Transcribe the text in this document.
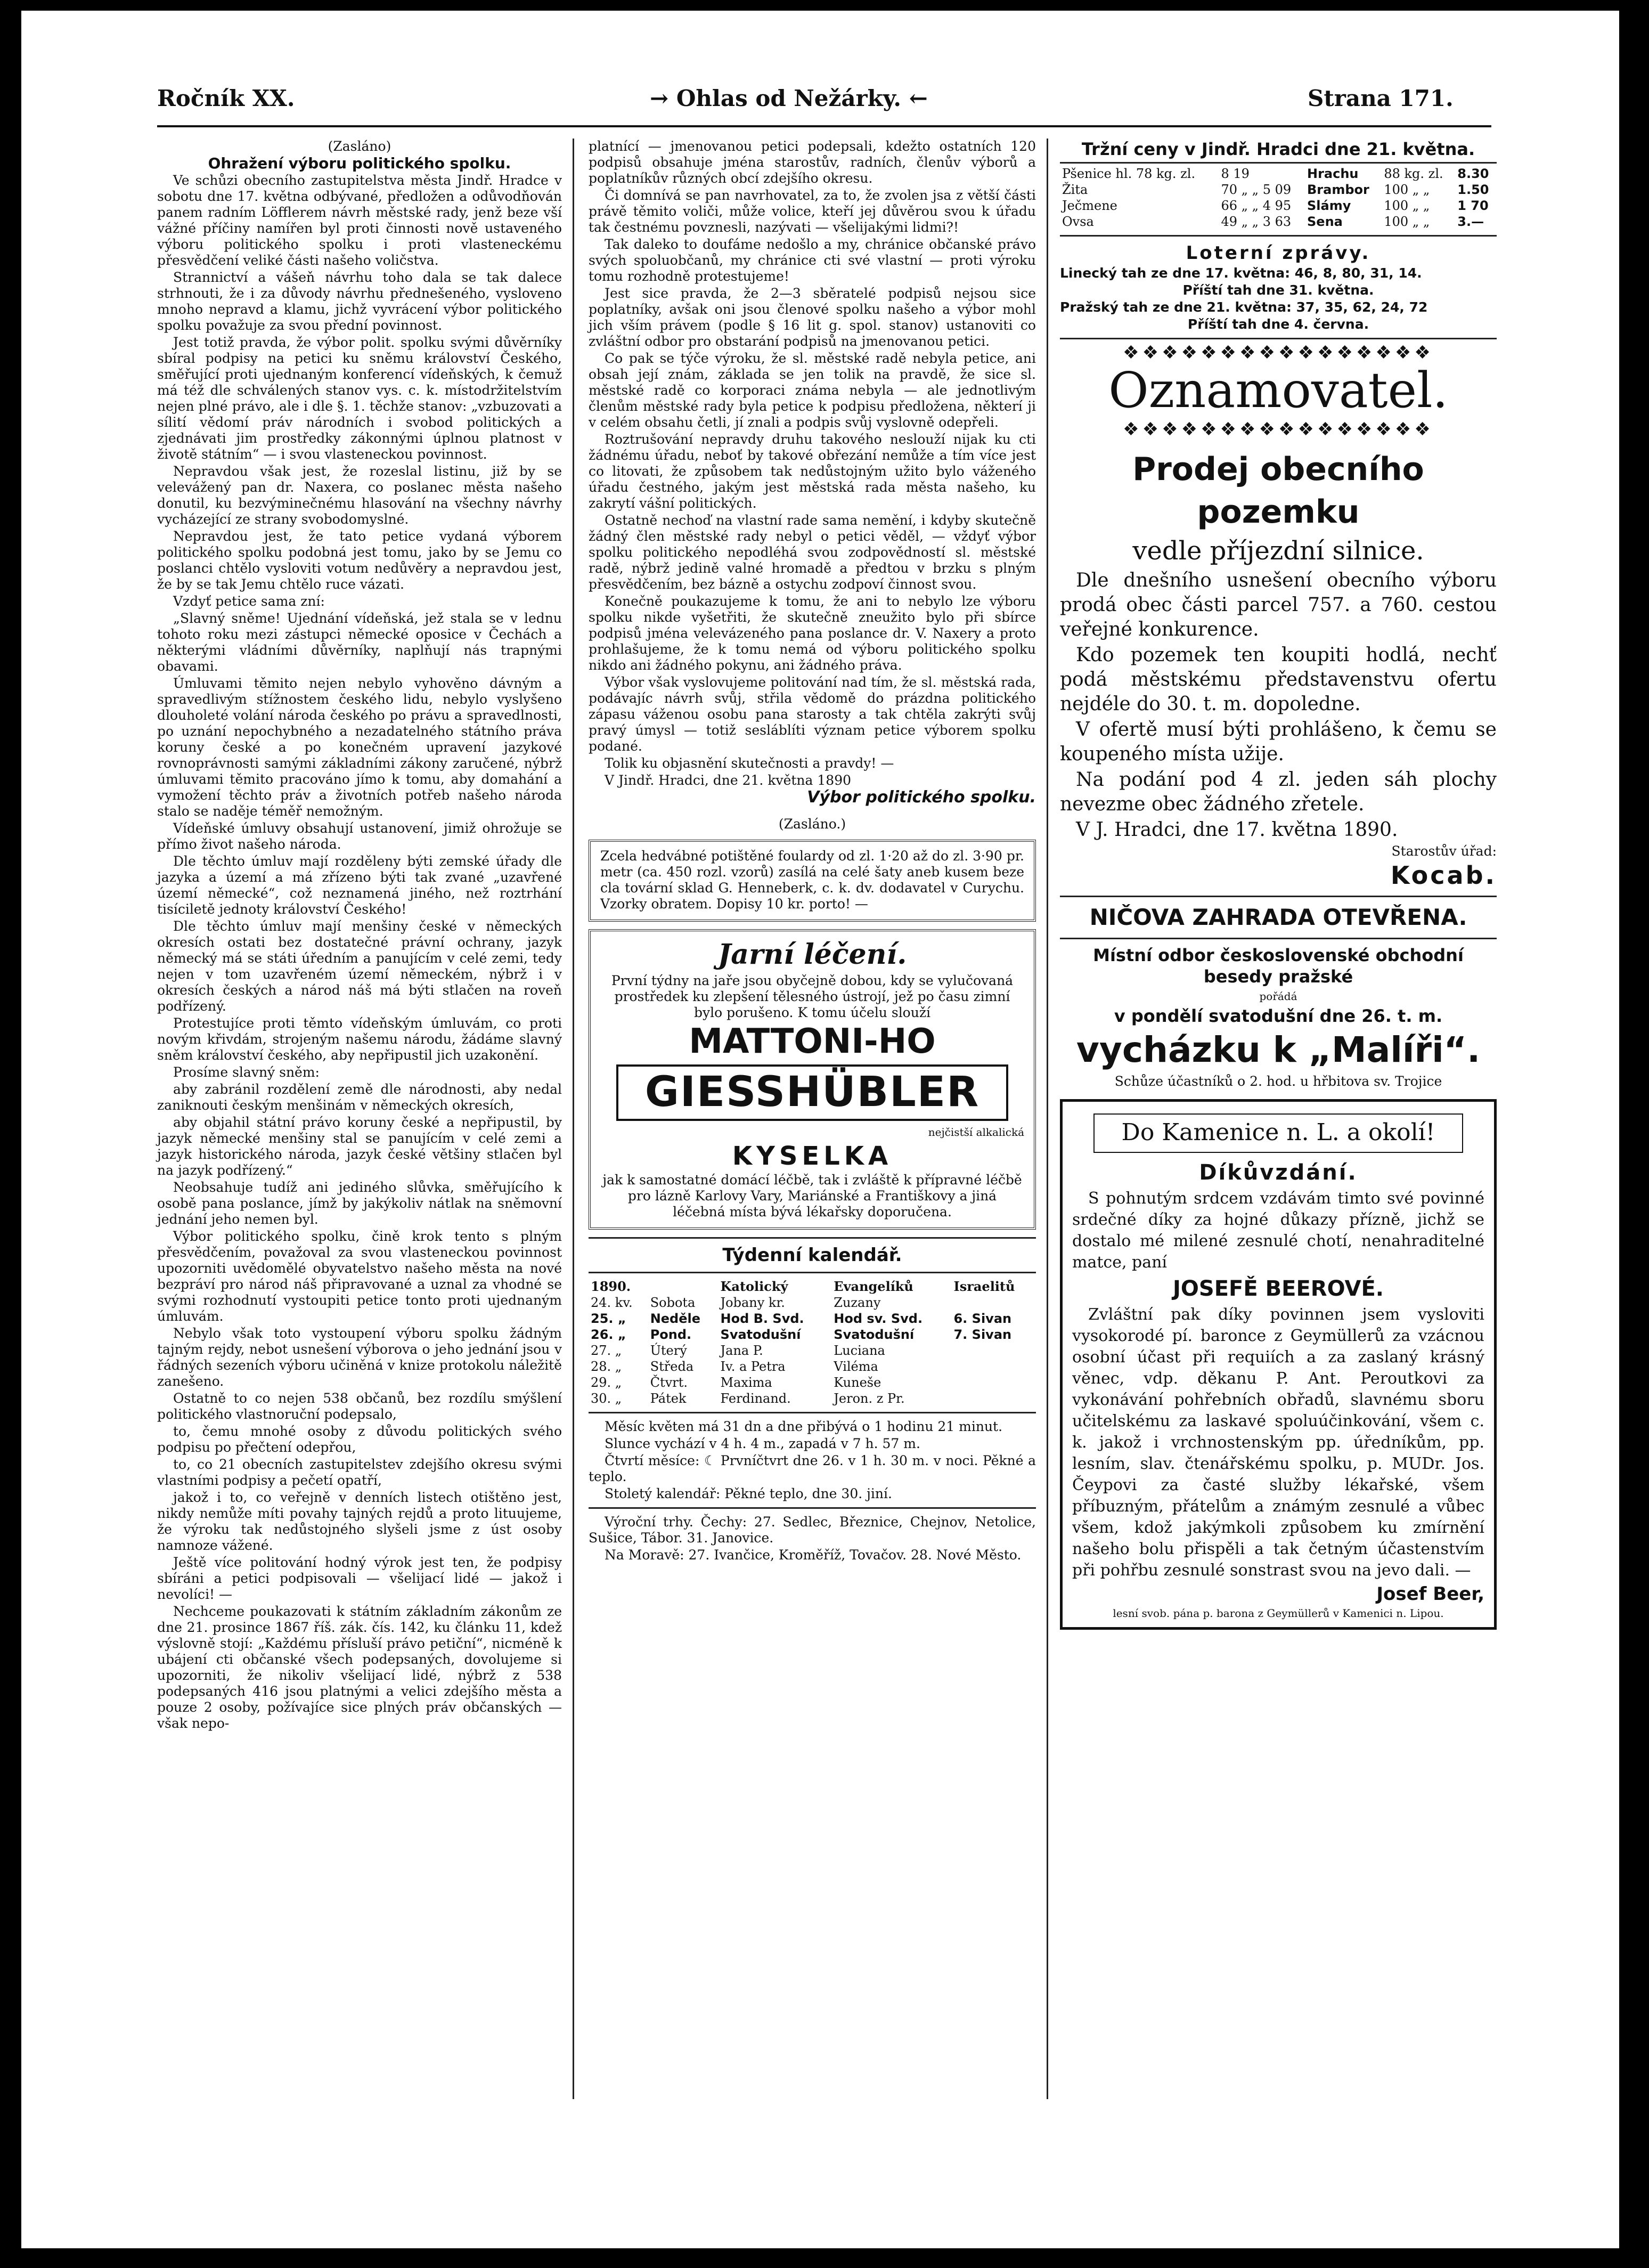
Ročník XX.	→ Ohlas od Nežárky. ←	Strana 171.

(Zasláno)

Ohražení výboru politického spolku.

Ve schůzi obecního zastupitelstva města Jindř. Hradce v sobotu dne 17. května odbývané, předložen a odůvodňován panem radním Löfflerem návrh městské rady, jenž beze vší vážné příčiny namířen byl proti činnosti nově ustaveného výboru politického spolku i proti vlasteneckému přesvědčení veliké části našeho voličstva.

Strannictví a vášeň návrhu toho dala se tak dalece strhnouti, že i za důvody návrhu přednešeného, vysloveno mnoho nepravd a klamu, jichž vyvrácení výbor politického spolku považuje za svou přední povinnost.

Jest totiž pravda, že výbor polit. spolku svými důvěrníky sbíral podpisy na petici ku sněmu království Českého, směřující proti ujednaným konferencí vídeňských, k čemuž má též dle schválených stanov vys. c. k. místodržitelstvím nejen plné právo, ale i dle §. 1. těchže stanov: „vzbuzovati a sílití vědomí práv národních i svobod politických a zjednávati jim prostředky zákonnými úplnou platnost v životě státním“ — i svou vlasteneckou povinnost.

Nepravdou však jest, že rozeslal listinu, již by se velevážený pan dr. Naxera, co poslanec města našeho donutil, ku bezvýminečnému hlasování na všechny návrhy vycházející ze strany svobodomyslné.

Nepravdou jest, že tato petice vydaná výborem politického spolku podobná jest tomu, jako by se Jemu co poslanci chtělo vysloviti votum nedůvěry a nepravdou jest, že by se tak Jemu chtělo ruce vázati.

Vzdyť petice sama zní:

„Slavný sněme! Ujednání vídeňská, jež stala se v lednu tohoto roku mezi zástupci německé oposice v Čechách a některými vládními důvěrníky, naplňují nás trapnými obavami.

Úmluvami těmito nejen nebylo vyhověno dávným a spravedlivým stížnostem českého lidu, nebylo vyslyšeno dlouholeté volání národa českého po právu a spravedlnosti, po uznání nepochybného a nezadatelného státního práva koruny české a po konečném upravení jazykové rovnoprávnosti samými základními zákony zaručené, nýbrž úmluvami těmito pracováno jímo k tomu, aby domahání a vymožení těchto práv a životních potřeb našeho národa stalo se naděje téměř nemožným.

Vídeňské úmluvy obsahují ustanovení, jimiž ohrožuje se přímo život našeho národa.

Dle těchto úmluv mají rozděleny býti zemské úřady dle jazyka a území a má zřízeno býti tak zvané „uzavřené území německé“, což neznamená jiného, než roztrhání tisíciletě jednoty království Českého!

Dle těchto úmluv mají menšiny české v německých okresích ostati bez dostatečné právní ochrany, jazyk německý má se státi úředním a panujícím v celé zemi, tedy nejen v tom uzavřeném území německém, nýbrž i v okresích českých a národ náš má býti stlačen na roveň podřízený.

Protestujíce proti těmto vídeňským úmluvám, co proti novým křivdám, strojeným našemu národu, žádáme slavný sněm království českého, aby nepřipustil jich uzakonění.

Prosíme slavný sněm:

aby zabránil rozdělení země dle národnosti, aby nedal zaniknouti českým menšinám v německých okresích,

aby objahil státní právo koruny české a nepřipustil, by jazyk německé menšiny stal se panujícím v celé zemi a jazyk historického národa, jazyk české většiny stlačen byl na jazyk podřízený.“

Neobsahuje tudíž ani jediného slůvka, směřujícího k osobě pana poslance, jímž by jakýkoliv nátlak na sněmovní jednání jeho nemen byl.

Výbor politického spolku, čině krok tento s plným přesvědčením, považoval za svou vlasteneckou povinnost upozorniti uvědomělé obyvatelstvo našeho města na nové bezpráví pro národ náš připravované a uznal za vhodné se svými rozhodnutí vystoupiti petice tonto proti ujednaným úmluvám.

Nebylo však toto vystoupení výboru spolku žádným tajným rejdy, nebot usnešení výborova o jeho jednání jsou v řádných sezeních výboru učiněná v knize protokolu náležitě zanešeno.

Ostatně to co nejen 538 občanů, bez rozdílu smýšlení politického vlastnoruční podepsalo,

to, čemu mnohé osoby z důvodu politických svého podpisu po přečtení odepřou,

to, co 21 obecních zastupitelstev zdejšího okresu svými vlastními podpisy a pečetí opatří,

jakož i to, co veřejně v denních listech otištěno jest, nikdy nemůže míti povahy tajných rejdů a proto lituujeme, že výroku tak nedůstojného slyšeli jsme z úst osoby namnoze vážené.

Ještě více politování hodný výrok jest ten, že podpisy sbíráni a petici podpisovali — všelijací lidé — jakož i nevolíci! —

Nechceme poukazovati k státním základním zákonům ze dne 21. prosince 1867 říš. zák. čís. 142, ku článku 11, kdež výslovně stojí: „Každému přísluší právo petiční“, nicméně k ubájení cti občanské všech podepsaných, dovolujeme si upozorniti, že nikoliv všelijací lidé, nýbrž z 538 podepsaných 416 jsou platnými a velici zdejšího města a pouze 2 osoby, požívajíce sice plných práv občanských — však nepo-

platnící — jmenovanou petici podepsali, kdežto ostatních 120 podpisů obsahuje jména starostův, radních, členův výborů a poplatníkův různých obcí zdejšího okresu.

Či domnívá se pan navrhovatel, za to, že zvolen jsa z větší části právě těmito voliči, může volice, kteří jej důvěrou svou k úřadu tak čestnému povznesli, nazývati — všelijakými lidmi?!

Tak daleko to doufáme nedošlo a my, chránice občanské právo svých spoluobčanů, my chránice cti své vlastní — proti výroku tomu rozhodně protestujeme!

Jest sice pravda, že 2—3 sběratelé podpisů nejsou sice poplatníky, avšak oni jsou členové spolku našeho a výbor mohl jich vším právem (podle § 16 lit g. spol. stanov) ustanoviti co zvláštní odbor pro obstarání podpisů na jmenovanou petici.

Co pak se týče výroku, že sl. městské radě nebyla petice, ani obsah její znám, základa se jen tolik na pravdě, že sice sl. městské radě co korporaci známa nebyla — ale jednotlivým členům městské rady byla petice k podpisu předložena, některí ji v celém obsahu četli, jí znali a podpis svůj vyslovně odepřeli.

Roztrušování nepravdy druhu takového neslouží nijak ku cti žádnému úřadu, neboť by takové obřezání nemůže a tím více jest co litovati, že způsobem tak nedůstojným užito bylo váženého úřadu čestného, jakým jest městská rada města našeho, ku zakrytí vášní politických.

Ostatně nechoď na vlastní rade sama nemění, i kdyby skutečně žádný člen městské rady nebyl o petici věděl, — vždyť výbor spolku politického nepodléhá svou zodpovědností sl. městské radě, nýbrž jedině valné hromadě a předtou v brzku s plným přesvědčením, bez bázně a ostychu zodpoví činnost svou.

Konečně poukazujeme k tomu, že ani to nebylo lze výboru spolku nikde vyšetřiti, že skutečně zneužito bylo při sbírce podpisů jména velevázeného pana poslance dr. V. Naxery a proto prohlašujeme, že k tomu nemá od výboru politického spolku nikdo ani žádného pokynu, ani žádného práva.

Výbor však vyslovujeme politování nad tím, že sl. městská rada, podávajíc návrh svůj, střila vědomě do prázdna politického zápasu váženou osobu pana starosty a tak chtěla zakrýti svůj pravý úmysl — totiž sesláblíti význam petice výborem spolku podané.

Tolik ku objasnění skutečnosti a pravdy! —

V Jindř. Hradci, dne 21. května 1890

Výbor politického spolku.

(Zasláno.)

Zcela hedvábné potištěné foulardy od zl. 1·20 až do zl. 3·90 pr. metr (ca. 450 rozl. vzorů) zasílá na celé šaty aneb kusem beze cla tovární sklad G. Henneberk, c. k. dv. dodavatel v Curychu. Vzorky obratem. Dopisy 10 kr. porto! —

Jarní léčení.

První týdny na jaře jsou obyčejně dobou, kdy se vylučovaná prostředek ku zlepšení tělesného ústrojí, jež po času zimní bylo porušeno. K tomu účelu slouží

MATTONI-HO

GIESSHÜBLER

nejčistší alkalická

KYSELKA

jak k samostatné domácí léčbě, tak i zvláště k přípravné léčbě pro lázně Karlovy Vary, Mariánské a Františkovy a jiná léčebná místa bývá lékařsky doporučena.

Týdenní kalendář.

1890.		Katolický	Evangelíků	Israelitů
24. kv.	Sobota	Jobany kr.	Zuzany	
25. „	Neděle	Hod B. Svd.	Hod sv. Svd.	6. Sivan
26. „	Pond.	Svatodušní	Svatodušní	7. Sivan
27. „	Úterý	Jana P.	Luciana	
28. „	Středa	Iv. a Petra	Viléma	
29. „	Čtvrt.	Maxima	Kuneše	
30. „	Pátek	Ferdinand.	Jeron. z Pr.	

Měsíc květen má 31 dn a dne přibývá o 1 hodinu 21 minut.

Slunce vychází v 4 h. 4 m., zapadá v 7 h. 57 m.

Čtvrtí měsíce: ☾ Prvníčtvrt dne 26. v 1 h. 30 m. v noci. Pěkné a teplo.

Stoletý kalendář: Pěkné teplo, dne 30. jiní.

Výroční trhy. Čechy: 27. Sedlec, Březnice, Chejnov, Netolice, Sušice, Tábor. 31. Janovice.

Na Moravě: 27. Ivančice, Kroměříž, Tovačov. 28. Nové Město.

Tržní ceny v Jindř. Hradci dne 21. května.

Pšenice hl. 78 kg. zl.	8 19	Hrachu	88 kg. zl.	8.30
Žita	70 „ „ 5 09	Brambor	100 „ „	1.50
Ječmene	66 „ „ 4 95	Slámy	100 „ „	1 70
Ovsa	49 „ „ 3 63	Sena	100 „ „	3.—

Loterní zprávy.

Linecký tah ze dne 17. května: 46, 8, 80, 31, 14.

Příští tah dne 31. května.

Pražský tah ze dne 21. května: 37, 35, 62, 24, 72

Příští tah dne 4. června.

❖❖❖❖❖❖❖❖❖❖❖❖❖❖❖❖

Oznamovatel.

❖❖❖❖❖❖❖❖❖❖❖❖❖❖❖❖

Prodej obecního pozemku

vedle příjezdní silnice.

Dle dnešního usnešení obecního výboru prodá obec části parcel 757. a 760. cestou veřejné konkurence.

Kdo pozemek ten koupiti hodlá, nechť podá městskému představenstvu ofertu nejdéle do 30. t. m. dopoledne.

V ofertě musí býti prohlášeno, k čemu se koupeného místa užije.

Na podání pod 4 zl. jeden sáh plochy nevezme obec žádného zřetele.

V J. Hradci, dne 17. května 1890.

Starostův úřad:

Kocab.

NIČOVA ZAHRADA OTEVŘENA.

Místní odbor československé obchodní besedy pražské

pořádá

v pondělí svatodušní dne 26. t. m.

vycházku k „Malíři“.

Schůze účastníků o 2. hod. u hřbitova sv. Trojice

Do Kamenice n. L. a okolí!

Díkůvzdání.

S pohnutým srdcem vzdávám timto své povinné srdečné díky za hojné důkazy přízně, jichž se dostalo mé milené zesnulé chotí, nenahraditelné matce, paní

JOSEFĚ BEEROVÉ.

Zvláštní pak díky povinnen jsem vysloviti vysokorodé pí. baronce z Geymüllerů za vzácnou osobní účast při requiích a za zaslaný krásný věnec, vdp. děkanu P. Ant. Peroutkovi za vykonávání pohřebních obřadů, slavnému sboru učitelskému za laskavé spoluúčinkování, všem c. k. jakož i vrchnostenským pp. úředníkům, pp. lesním, slav. čtenářskému spolku, p. MUDr. Jos. Čeypovi za časté služby lékařské, všem příbuzným, přátelům a známým zesnulé a vůbec všem, kdož jakýmkoli způsobem ku zmírnění našeho bolu přispěli a tak četným účastenstvím při pohřbu zesnulé sonstrast svou na jevo dali. —

Josef Beer,

lesní svob. pána p. barona z Geymüllerů v Kamenici n. Lipou.
